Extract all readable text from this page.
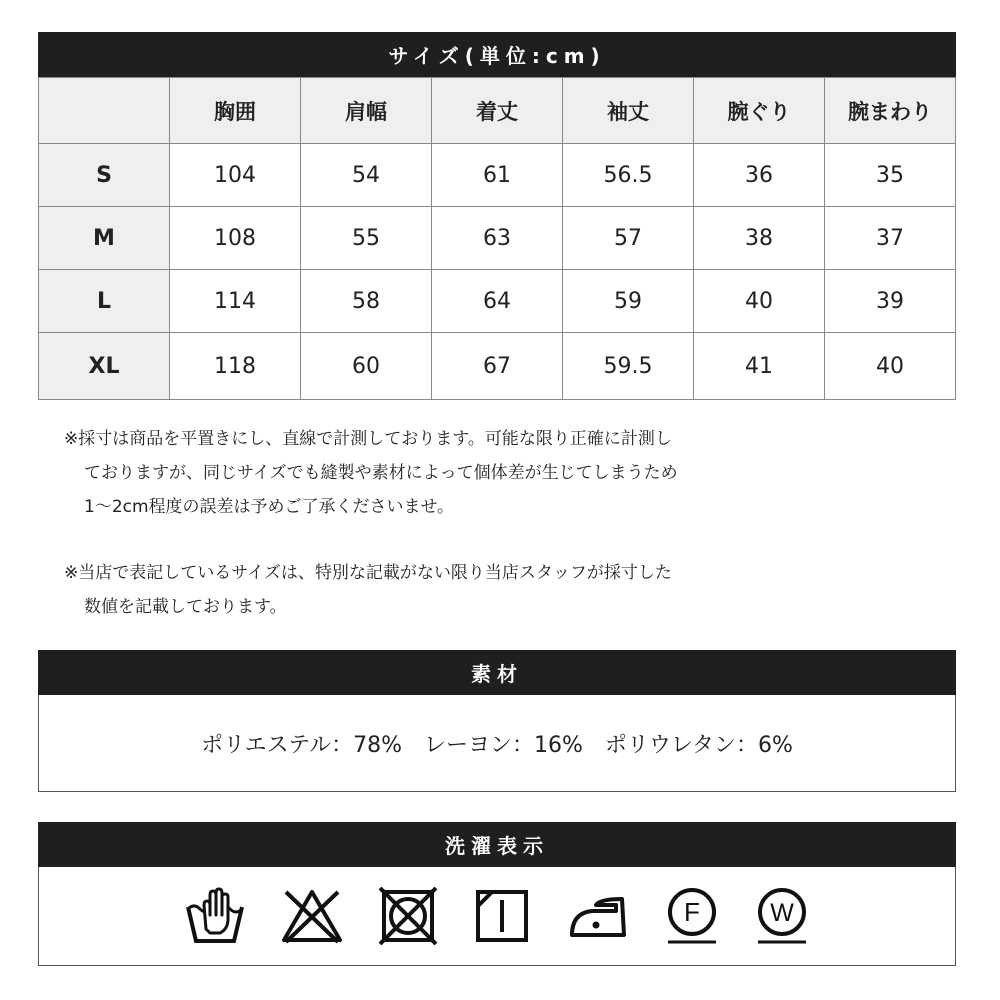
サイズ(単位:cm)
	胸囲	肩幅	着丈	袖丈	腕ぐり	腕まわり
S	104	54	61	56.5	36	35
M	108	55	63	57	38	37
L	114	58	64	59	40	39
XL	118	60	67	59.5	41	40
※採寸は商品を平置きにし、直線で計測しております。可能な限り正確に計測し
ておりますが、同じサイズでも縫製や素材によって個体差が生じてしまうため
1～2cm程度の誤差は予めご了承くださいませ。
※当店で表記しているサイズは、特別な記載がない限り当店スタッフが採寸した
数値を記載しております。
素材
ポリエステル：78%　レーヨン：16%　ポリウレタン：6%
洗濯表示
F	W
